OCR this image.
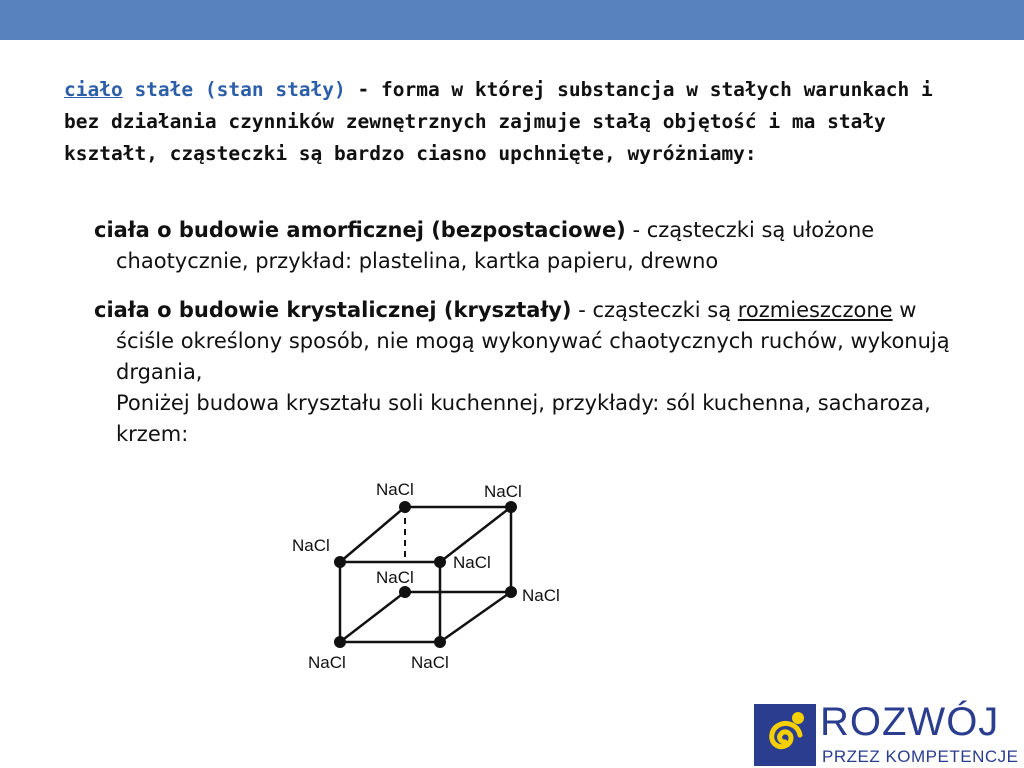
ciało stałe (stan stały) - forma w której substancja w stałych warunkach i bez działania czynników zewnętrznych zajmuje stałą objętość i ma stały kształt, cząsteczki są bardzo ciasno upchnięte, wyróżniamy:
ciała o budowie amorficznej (bezpostaciowe) - cząsteczki są ułożone chaotycznie, przykład: plastelina, kartka papieru, drewno
ciała o budowie krystalicznej (kryształy) - cząsteczki są rozmieszczone w ściśle określony sposób, nie mogą wykonywać chaotycznych ruchów, wykonują drgania,
Poniżej budowa kryształu soli kuchennej, przykłady: sól kuchenna, sacharoza, krzem:
NaCl	NaCl
NaCl
NaCl
NaCl
NaCl
NaCl	NaCl
ROZWÓJ
PRZEZ KOMPETENCJE
